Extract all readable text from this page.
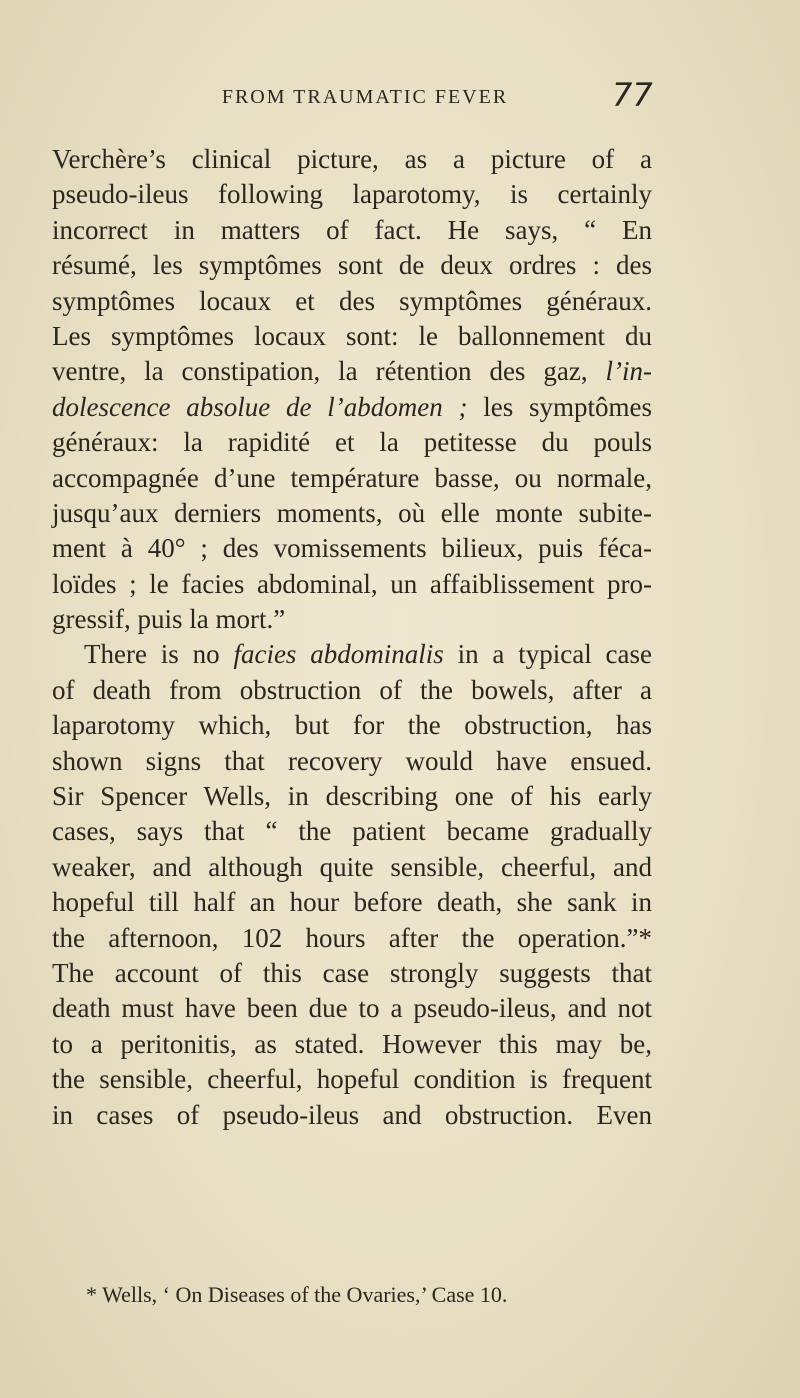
FROM TRAUMATIC FEVER	77
Verchère’s clinical picture, as a picture of a
pseudo-ileus following laparotomy, is certainly
incorrect in matters of fact. He says, “ En
résumé, les symptômes sont de deux ordres : des
symptômes locaux et des symptômes généraux.
Les symptômes locaux sont: le ballonnement du
ventre, la constipation, la rétention des gaz, l’in-
dolescence absolue de l’abdomen ; les symptômes
généraux: la rapidité et la petitesse du pouls
accompagnée d’une température basse, ou normale,
jusqu’aux derniers moments, où elle monte subite-
ment à 40° ; des vomissements bilieux, puis féca-
loïdes ; le facies abdominal, un affaiblissement pro-
gressif, puis la mort.”
There is no facies abdominalis in a typical case
of death from obstruction of the bowels, after a
laparotomy which, but for the obstruction, has
shown signs that recovery would have ensued.
Sir Spencer Wells, in describing one of his early
cases, says that “ the patient became gradually
weaker, and although quite sensible, cheerful, and
hopeful till half an hour before death, she sank in
the afternoon, 102 hours after the operation.”*
The account of this case strongly suggests that
death must have been due to a pseudo-ileus, and not
to a peritonitis, as stated. However this may be,
the sensible, cheerful, hopeful condition is frequent
in cases of pseudo-ileus and obstruction. Even
* Wells, ‘ On Diseases of the Ovaries,’ Case 10.
